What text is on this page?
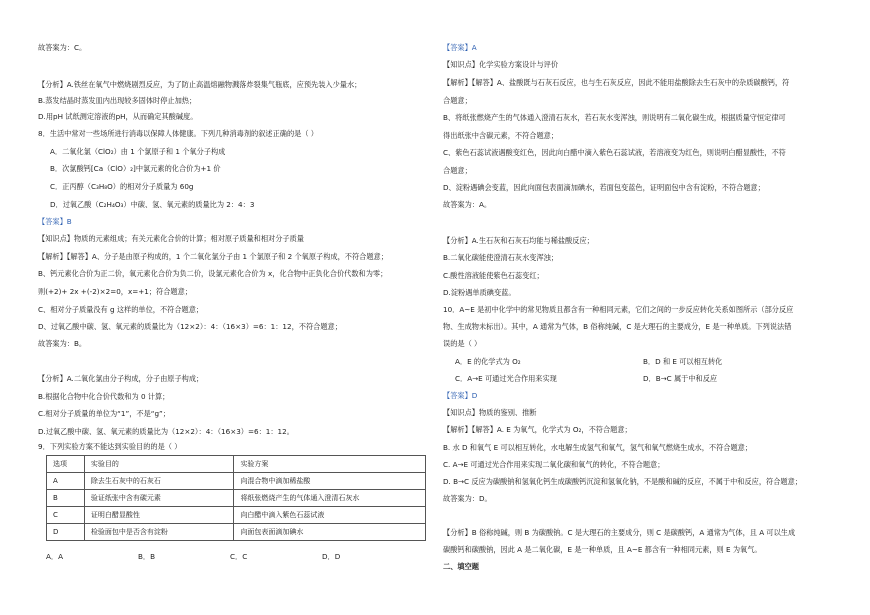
故答案为：C。
【分析】A.铁丝在氧气中燃烧剧烈反应，为了防止高温熔融物溅落炸裂集气瓶底，应预先装入少量水；
B.蒸发结晶时蒸发皿内出现较多固体时停止加热；
D.用pH 试纸测定溶液的pH，从而确定其酸碱度。
8．生活中常对一些场所进行消毒以保障人体健康。下列几种消毒剂的叙述正确的是（ ）
A．二氧化氯（ClO₂）由 1 个氯原子和 1 个氧分子构成
B．次氯酸钙[Ca（ClO）₂]中氯元素的化合价为+1 价
C．正丙醇（C₃H₈O）的相对分子质量为 60g
D．过氧乙酸（C₂H₄O₃）中碳、氢、氧元素的质量比为 2：4：3
【答案】B
【知识点】物质的元素组成；有关元素化合价的计算；相对原子质量和相对分子质量
【解析】【解答】A、分子是由原子构成的，1 个二氧化氯分子由 1 个氯原子和 2 个氧原子构成，不符合题意；
B、钙元素化合价为正二价，氧元素化合价为负二价，设氯元素化合价为 x，化合物中正负化合价代数和为零；
则(+2)+ 2x +(-2)×2=0，x=+1；符合题意；
C、相对分子质量没有 g 这样的单位，不符合题意；
D、过氧乙酸中碳、氢、氧元素的质量比为（12×2）：4：（16×3）=6：1：12，不符合题意；
故答案为：B。
【分析】A.二氧化氯由分子构成，分子由原子构成；
B.根据化合物中化合价代数和为 0 计算；
C.相对分子质量的单位为“1”，不是“g”；
D.过氧乙酸中碳、氢、氧元素的质量比为（12×2）：4：（16×3）=6：1：12。
9．下列实验方案不能达到实验目的的是（ ）
选项	实验目的	实验方案
A	除去生石灰中的石灰石	向混合物中滴加稀盐酸
B	验证纸张中含有碳元素	将纸张燃烧产生的气体通入澄清石灰水
C	证明白醋显酸性	向白醋中滴入紫色石蕊试液
D	检验面包中是否含有淀粉	向面包表面滴加碘水
A．A	B．B	C．C	D．D
【答案】A
【知识点】化学实验方案设计与评价
【解析】【解答】A、盐酸既与石灰石反应，也与生石灰反应，因此不能用盐酸除去生石灰中的杂质碳酸钙，符
合题意；
B、将纸张燃烧产生的气体通入澄清石灰水，若石灰水变浑浊，则说明有二氧化碳生成，根据质量守恒定律可
得出纸张中含碳元素，不符合题意；
C、紫色石蕊试液遇酸变红色，因此向白醋中滴入紫色石蕊试液，若溶液变为红色，则说明白醋显酸性，不符
合题意；
D、淀粉遇碘会变蓝，因此向面包表面滴加碘水，若面包变蓝色，证明面包中含有淀粉，不符合题意；
故答案为：A。
【分析】A.生石灰和石灰石均能与稀盐酸反应；
B.二氧化碳能使澄清石灰水变浑浊；
C.酸性溶液能使紫色石蕊变红；
D.淀粉遇单质碘变蓝。
10．A~E 是初中化学中的常见物质且都含有一种相同元素，它们之间的一步反应转化关系如图所示（部分反应
物、生成物未标出）。其中，A 通常为气体，B 俗称纯碱，C 是大理石的主要成分，E 是一种单质。下列说法错
误的是（ ）
A．E 的化学式为 O₂	B．D 和 E 可以相互转化
C．A→E 可通过光合作用来实现	D．B→C 属于中和反应
【答案】D
【知识点】物质的鉴别、推断
【解析】【解答】A. E 为氧气，化学式为 O₂，不符合题意；
B. 水 D 和氧气 E 可以相互转化，水电解生成氢气和氧气，氢气和氧气燃烧生成水，不符合题意；
C. A→E 可通过光合作用来实现二氧化碳和氧气的转化，不符合题意；
D. B→C 反应为碳酸钠和氢氧化钙生成碳酸钙沉淀和氢氧化钠，不是酸和碱的反应，不属于中和反应，符合题意；
故答案为：D。
【分析】B 俗称纯碱，则 B 为碳酸钠。C 是大理石的主要成分，则 C 是碳酸钙，A 通常为气体，且 A 可以生成
碳酸钙和碳酸钠，因此 A 是二氧化碳，E 是一种单质，且 A~E 都含有一种相同元素，则 E 为氧气。
二、填空题
